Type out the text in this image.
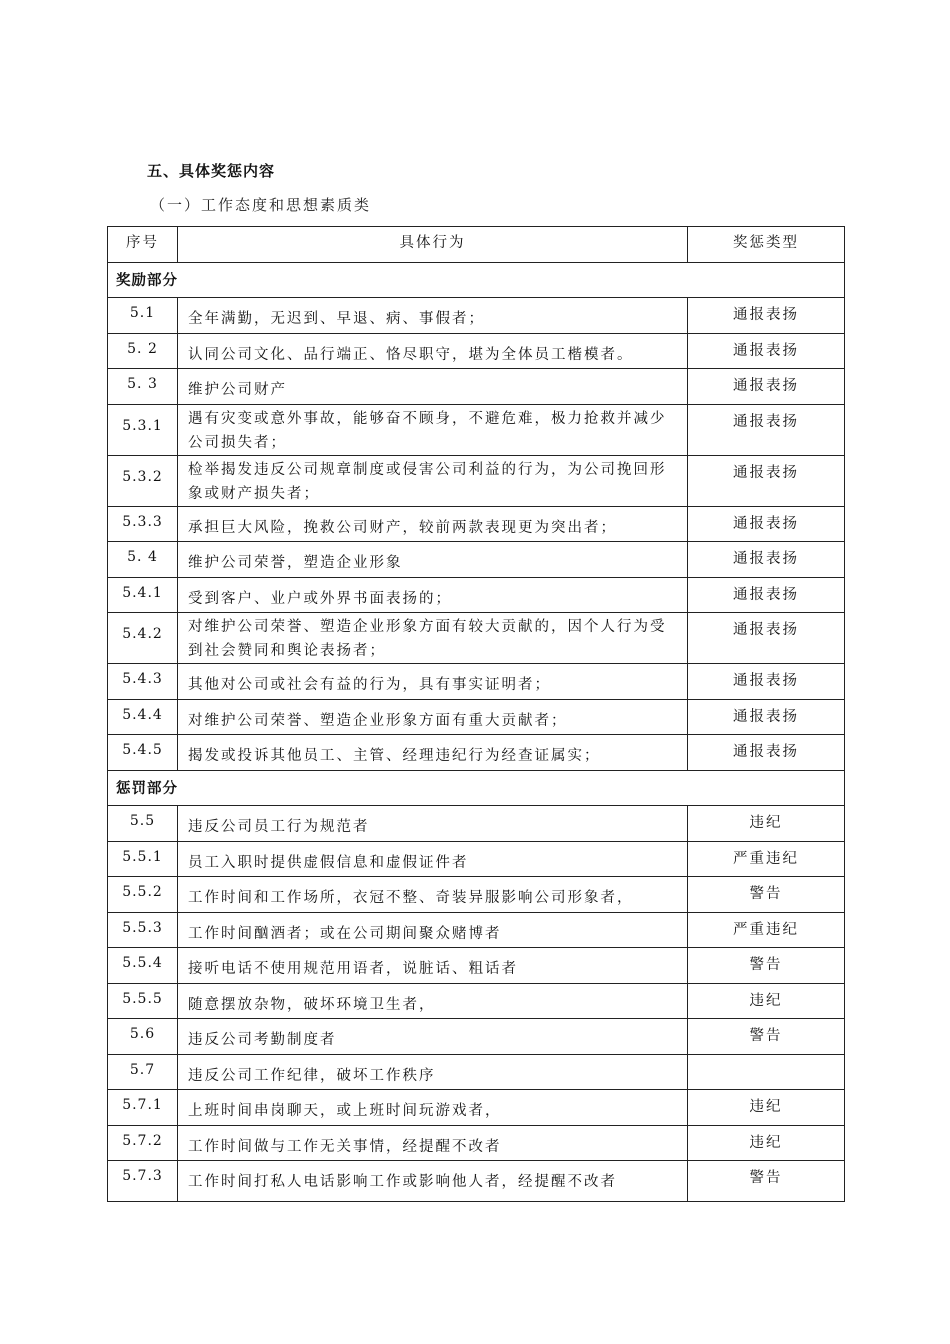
五、具体奖惩内容
（一）工作态度和思想素质类
序号	具体行为	奖惩类型
奖励部分		
5.1	全年满勤，无迟到、早退、病、事假者；	通报表扬
5. 2	认同公司文化、品行端正、恪尽职守，堪为全体员工楷模者。	通报表扬
5. 3	维护公司财产	通报表扬
5.3.1	遇有灾变或意外事故，能够奋不顾身，不避危难，极力抢救并减少公司损失者；	通报表扬
5.3.2	检举揭发违反公司规章制度或侵害公司利益的行为，为公司挽回形象或财产损失者；	通报表扬
5.3.3	承担巨大风险，挽救公司财产，较前两款表现更为突出者；	通报表扬
5. 4	维护公司荣誉，塑造企业形象	通报表扬
5.4.1	受到客户、业户或外界书面表扬的；	通报表扬
5.4.2	对维护公司荣誉、塑造企业形象方面有较大贡献的，因个人行为受到社会赞同和舆论表扬者；	通报表扬
5.4.3	其他对公司或社会有益的行为，具有事实证明者；	通报表扬
5.4.4	对维护公司荣誉、塑造企业形象方面有重大贡献者；	通报表扬
5.4.5	揭发或投诉其他员工、主管、经理违纪行为经查证属实；	通报表扬
惩罚部分		
5.5	违反公司员工行为规范者	违纪
5.5.1	员工入职时提供虚假信息和虚假证件者	严重违纪
5.5.2	工作时间和工作场所，衣冠不整、奇装异服影响公司形象者，	警告
5.5.3	工作时间酗酒者；或在公司期间聚众赌博者	严重违纪
5.5.4	接听电话不使用规范用语者，说脏话、粗话者	警告
5.5.5	随意摆放杂物，破坏环境卫生者，	违纪
5.6	违反公司考勤制度者	警告
5.7	违反公司工作纪律，破坏工作秩序	
5.7.1	上班时间串岗聊天，或上班时间玩游戏者，	违纪
5.7.2	工作时间做与工作无关事情，经提醒不改者	违纪
5.7.3	工作时间打私人电话影响工作或影响他人者，经提醒不改者	警告
